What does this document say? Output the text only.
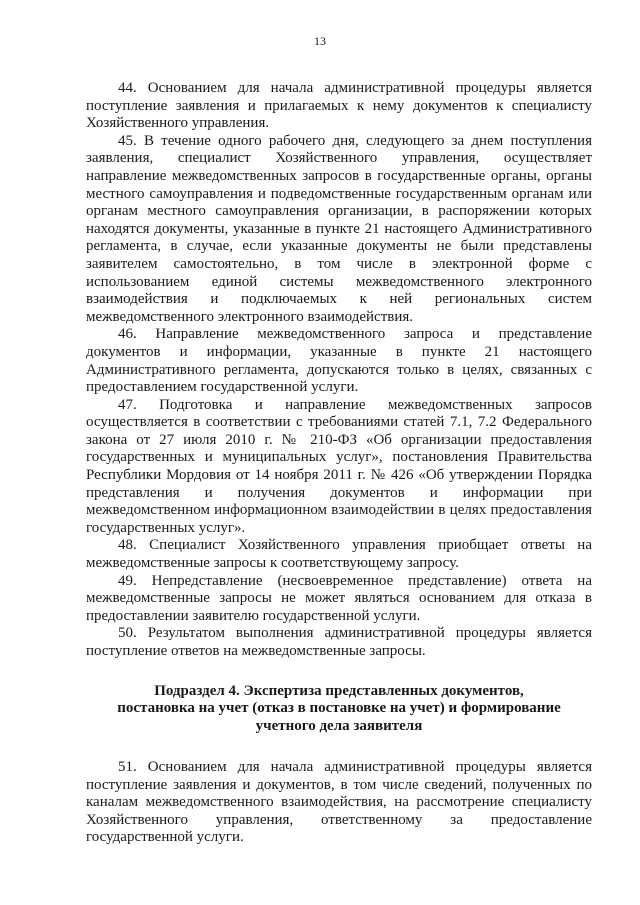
13

44. Основанием для начала административной процедуры является поступление заявления и прилагаемых к нему документов к специалисту Хозяйственного управления.

45. В течение одного рабочего дня, следующего за днем поступления заявления, специалист Хозяйственного управления, осуществляет направление межведомственных запросов в государственные органы, органы местного самоуправления и подведомственные государственным органам или органам местного самоуправления организации, в распоряжении которых находятся документы, указанные в пункте 21 настоящего Административного регламента, в случае, если указанные документы не были представлены заявителем самостоятельно, в том числе в электронной форме с использованием единой системы межведомственного электронного взаимодействия и подключаемых к ней региональных систем межведомственного электронного взаимодействия.

46. Направление межведомственного запроса и представление документов и информации, указанные в пункте 21 настоящего Административного регламента, допускаются только в целях, связанных с предоставлением государственной услуги.

47. Подготовка и направление межведомственных запросов осуществляется в соответствии с требованиями статей 7.1, 7.2 Федерального закона от 27 июля 2010 г. № 210-ФЗ «Об организации предоставления государственных и муниципальных услуг», постановления Правительства Республики Мордовия от 14 ноября 2011 г. № 426 «Об утверждении Порядка представления и получения документов и информации при межведомственном информационном взаимодействии в целях предоставления государственных услуг».

48. Специалист Хозяйственного управления приобщает ответы на межведомственные запросы к соответствующему запросу.

49. Непредставление (несвоевременное представление) ответа на межведомственные запросы не может являться основанием для отказа в предоставлении заявителю государственной услуги.

50. Результатом выполнения административной процедуры является поступление ответов на межведомственные запросы.

Подраздел 4. Экспертиза представленных документов,
постановка на учет (отказ в постановке на учет) и формирование
учетного дела заявителя

51. Основанием для начала административной процедуры является поступление заявления и документов, в том числе сведений, полученных по каналам межведомственного взаимодействия, на рассмотрение специалисту Хозяйственного управления, ответственному за предоставление государственной услуги.
